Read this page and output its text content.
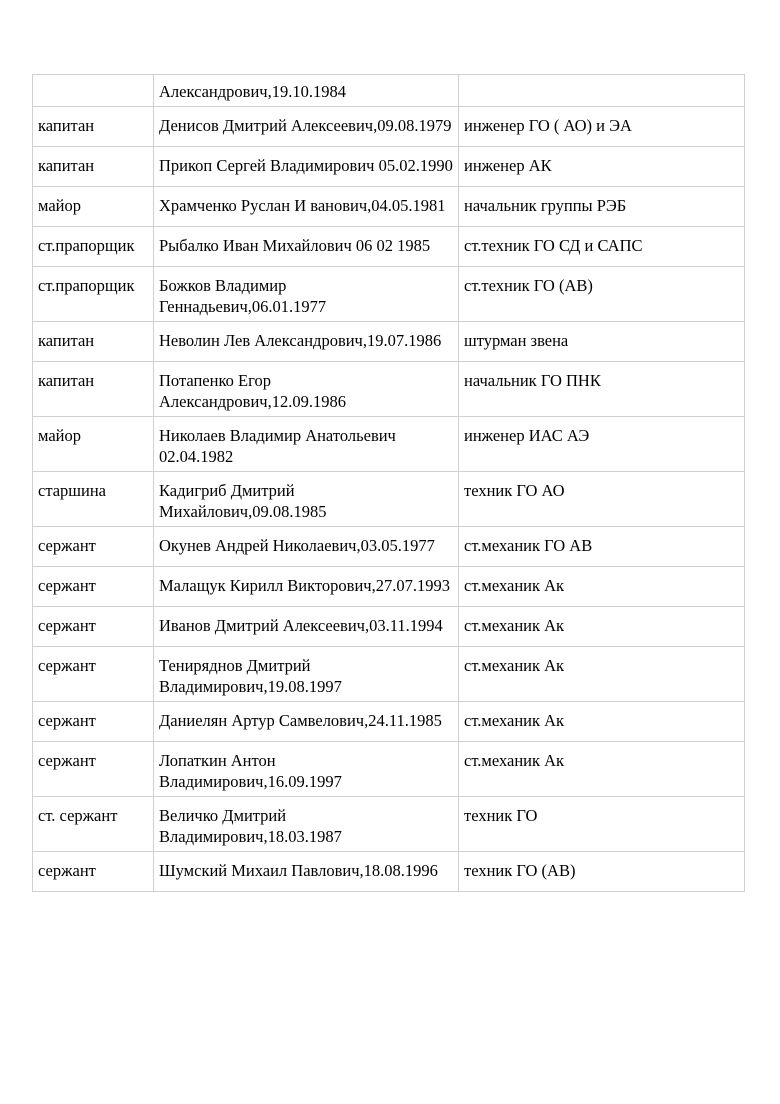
	Александрович,19.10.1984	
капитан	Денисов Дмитрий Алексеевич,09.08.1979	инженер ГО ( АО) и ЭА
капитан	Прикоп Сергей Владимирович 05.02.1990	инженер АК
майор	Храмченко Руслан И ванович,04.05.1981	начальник группы РЭБ
ст.прапорщик	Рыбалко Иван Михайлович 06 02 1985	ст.техник ГО СД и САПС
ст.прапорщик	Божков Владимир Геннадьевич,06.01.1977	ст.техник ГО (АВ)
капитан	Неволин Лев Александрович,19.07.1986	штурман звена
капитан	Потапенко Егор Александрович,12.09.1986	начальник ГО ПНК
майор	Николаев Владимир Анатольевич 02.04.1982	инженер ИАС АЭ
старшина	Кадигриб Дмитрий Михайлович,09.08.1985	техник ГО АО
сержант	Окунев Андрей Николаевич,03.05.1977	ст.механик ГО АВ
сержант	Малащук Кирилл Викторович,27.07.1993	ст.механик Ак
сержант	Иванов Дмитрий Алексеевич,03.11.1994	ст.механик Ак
сержант	Тениряднов Дмитрий Владимирович,19.08.1997	ст.механик Ак
сержант	Даниелян Артур Самвелович,24.11.1985	ст.механик Ак
сержант	Лопаткин Антон Владимирович,16.09.1997	ст.механик Ак
ст. сержант	Величко Дмитрий Владимирович,18.03.1987	техник ГО
сержант	Шумский Михаил Павлович,18.08.1996	техник ГО (АВ)
